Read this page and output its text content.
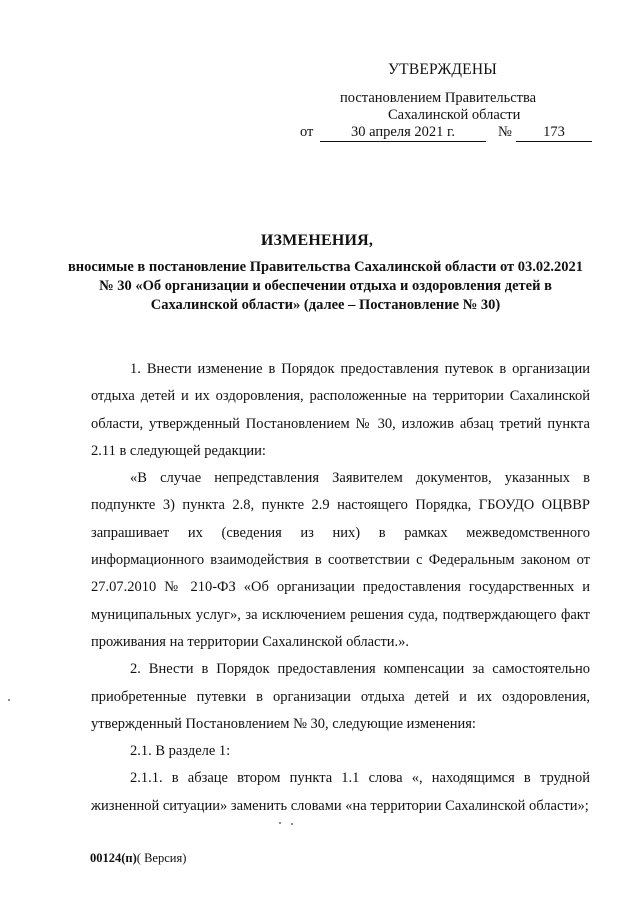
УТВЕРЖДЕНЫ
постановлением Правительства
Сахалинской области
от	30 апреля 2021 г.	№	173
ИЗМЕНЕНИЯ,
вносимые в постановление Правительства Сахалинской области от 03.02.2021 № 30 «Об организации и обеспечении отдыха и оздоровления детей в Сахалинской области» (далее – Постановление № 30)

1. Внести изменение в Порядок предоставления путевок в организации отдыха детей и их оздоровления, расположенные на территории Сахалинской области, утвержденный Постановлением № 30, изложив абзац третий пункта 2.11 в следующей редакции:

«В случае непредставления Заявителем документов, указанных в подпункте 3) пункта 2.8, пункте 2.9 настоящего Порядка, ГБОУДО ОЦВВР запрашивает их (сведения из них) в рамках межведомственного информационного взаимодействия в соответствии с Федеральным законом от 27.07.2010 № 210-ФЗ «Об организации предоставления государственных и муниципальных услуг», за исключением решения суда, подтверждающего факт проживания на территории Сахалинской области.».

2. Внести в Порядок предоставления компенсации за самостоятельно приобретенные путевки в организации отдыха детей и их оздоровления, утвержденный Постановлением № 30, следующие изменения:

2.1. В разделе 1:

2.1.1. в абзаце втором пункта 1.1 слова «, находящимся в трудной жизненной ситуации» заменить словами «на территории Сахалинской области»;

00124(п)( Версия)
